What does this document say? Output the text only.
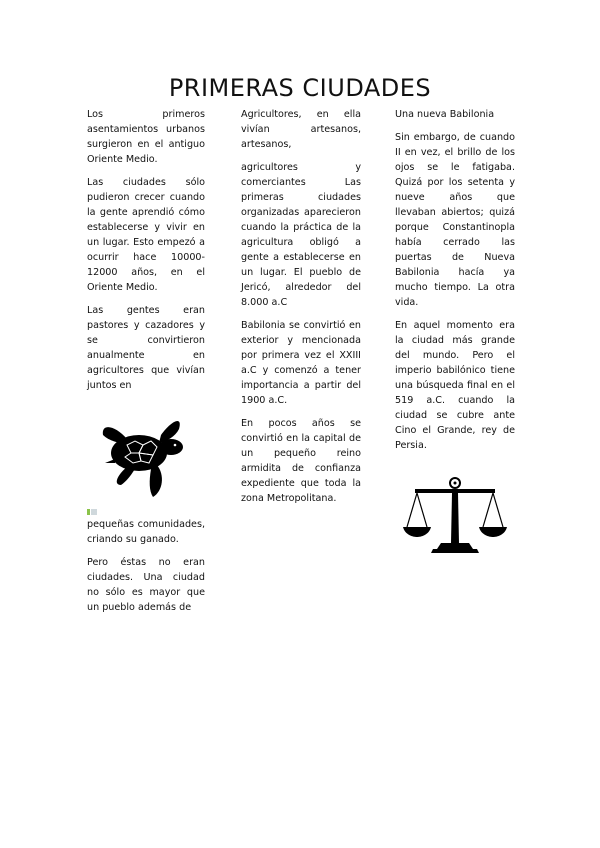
PRIMERAS CIUDADES

Los primeros asentamientos urbanos surgieron en el antiguo Oriente Medio.

Las ciudades sólo pudieron crecer cuando la gente aprendió cómo establecerse y vivir en un lugar. Esto empezó a ocurrir hace 10000-12000 años, en el Oriente Medio.

Las gentes eran pastores y cazadores y se convirtieron anualmente en agricultores que vivían juntos en

pequeñas comunidades, criando su ganado.

Pero éstas no eran ciudades. Una ciudad no sólo es mayor que un pueblo además de

Agricultores, en ella vivían artesanos, artesanos,

agricultores y comerciantes Las primeras ciudades organizadas aparecieron cuando la práctica de la agricultura obligó a gente a establecerse en un lugar. El pueblo de Jericó, alrededor del 8.000 a.C

Babilonia se convirtió en exterior y mencionada por primera vez el XXIII a.C y comenzó a tener importancia a partir del 1900 a.C.

En pocos años se convirtió en la capital de un pequeño reino armidita de confianza expediente que toda la zona Metropolitana.

Una nueva Babilonia

Sin embargo, de cuando II en vez, el brillo de los ojos se le fatigaba. Quizá por los setenta y nueve años que llevaban abiertos; quizá porque Constantinopla había cerrado las puertas de Nueva Babilonia hacía ya mucho tiempo. La otra vida.

En aquel momento era la ciudad más grande del mundo. Pero el imperio babilónico tiene una búsqueda final en el 519 a.C. cuando la ciudad se cubre ante Cino el Grande, rey de Persia.
